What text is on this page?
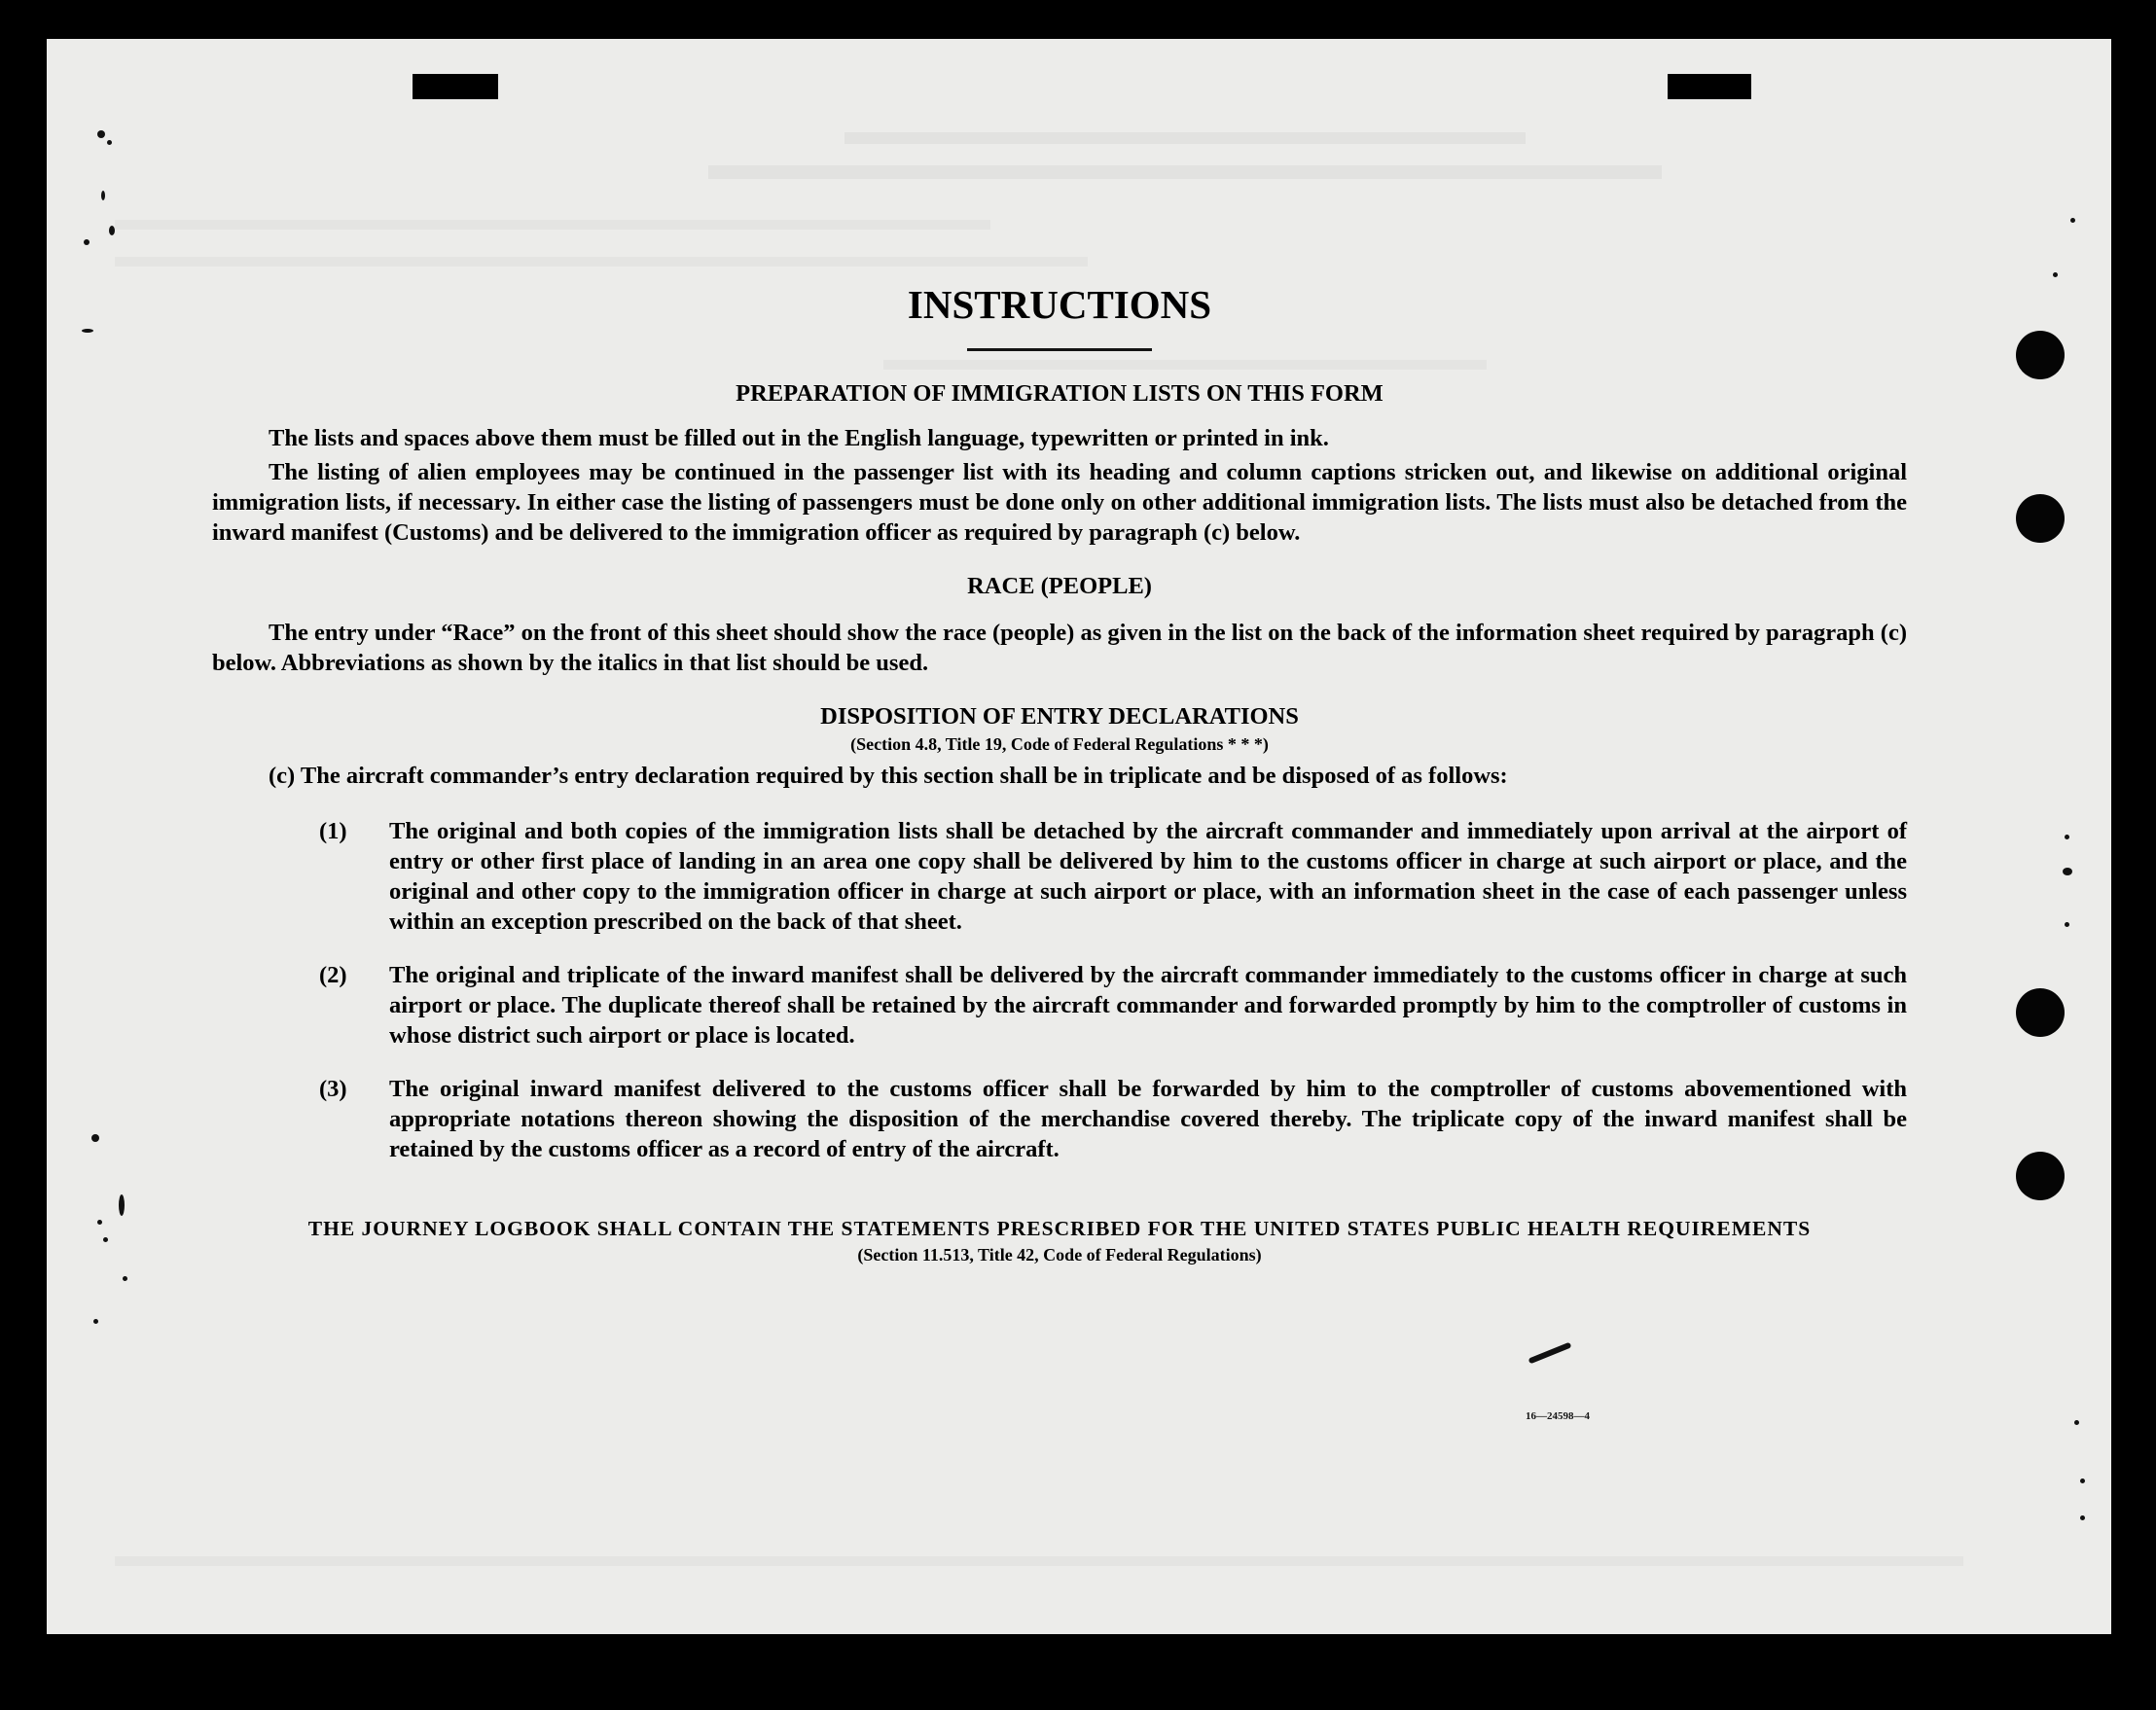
16—24598—4
INSTRUCTIONS
PREPARATION OF IMMIGRATION LISTS ON THIS FORM

The lists and spaces above them must be filled out in the English language, typewritten or printed in ink.

The listing of alien employees may be continued in the passenger list with its heading and column captions stricken out, and likewise on additional original immigration lists, if necessary. In either case the listing of passengers must be done only on other additional immigration lists. The lists must also be detached from the inward manifest (Customs) and be delivered to the immigration officer as required by paragraph (c) below.

RACE (PEOPLE)

The entry under “Race” on the front of this sheet should show the race (people) as given in the list on the back of the information sheet required by paragraph (c) below. Abbreviations as shown by the italics in that list should be used.

DISPOSITION OF ENTRY DECLARATIONS
(Section 4.8, Title 19, Code of Federal Regulations * * *)

(c) The aircraft commander’s entry declaration required by this section shall be in triplicate and be disposed of as follows:

(1) The original and both copies of the immigration lists shall be detached by the aircraft commander and immediately upon arrival at the airport of entry or other first place of landing in an area one copy shall be delivered by him to the customs officer in charge at such airport or place, and the original and other copy to the immigration officer in charge at such airport or place, with an information sheet in the case of each passenger unless within an exception prescribed on the back of that sheet.

(2) The original and triplicate of the inward manifest shall be delivered by the aircraft commander immediately to the customs officer in charge at such airport or place. The duplicate thereof shall be retained by the aircraft commander and forwarded promptly by him to the comptroller of customs in whose district such airport or place is located.

(3) The original inward manifest delivered to the customs officer shall be forwarded by him to the comptroller of customs abovementioned with appropriate notations thereon showing the disposition of the merchandise covered thereby. The triplicate copy of the inward manifest shall be retained by the customs officer as a record of entry of the aircraft.

THE JOURNEY LOGBOOK SHALL CONTAIN THE STATEMENTS PRESCRIBED FOR THE UNITED STATES PUBLIC HEALTH REQUIREMENTS
(Section 11.513, Title 42, Code of Federal Regulations)
